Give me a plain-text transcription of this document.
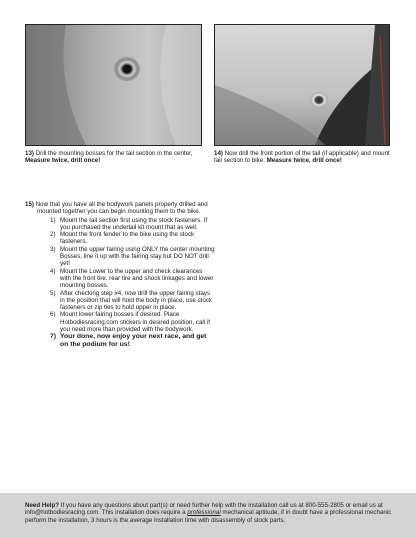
13) Drill the mounting bosses for the tail section in the center, Measure twice, drill once!
14) Now drill the front portion of the tail (if applicable) and mount tail section to bike. Measure twice, drill once!
15) Now that you have all the bodywork panels properly drilled and mounted together you can begin mounting them to the bike.
1) Mount the tail section first using the stock fasteners. If you purchased the undertail kit mount that as well.
2) Mount the front fender to the bike using the stock fasteners.
3) Mount the upper fairing using ONLY the center mounting Bosses, line it up with the fairing stay but DO NOT drill yet!
4) Mount the Lower to the upper and check clearances with the front tire, rear tire and shock linkages and lower mounting bosses.
5) After checking step #4, now drill the upper fairing stays in the position that will hold the body in place, use stock fasteners or zip ties to hold upper in place.
6) Mount lower fairing bosses if desired. Place Hotbodiesracing.com stickers in desired position, call if you need more than provided with the bodywork.
7) Your done, now enjoy your next race, and get on the podium for us!
Need Help? If you have any questions about part(s) or need further help with the installation call us at 800-555-2805 or email us at info@hotbodiesracing.com. This installation does require a professional mechanical aptitude, if in doubt have a professional mechanic perform the installation, 3 hours is the average installation time with disassembly of stock parts.
